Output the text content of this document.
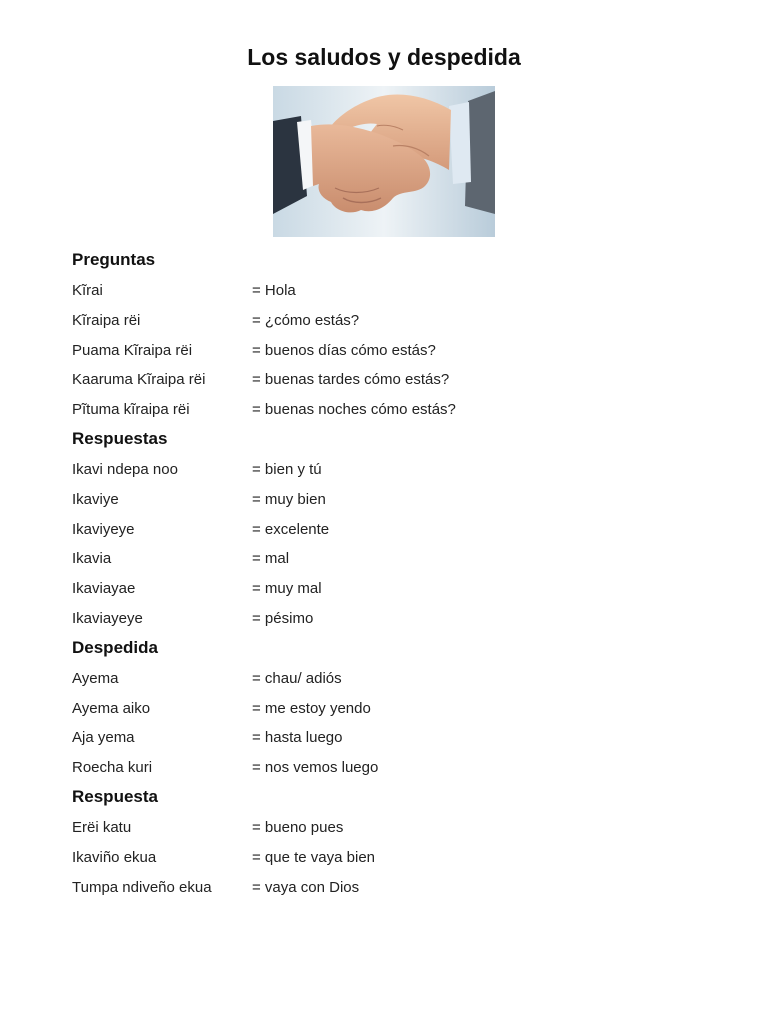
Los saludos y despedida
Preguntas
Kĩrai	= Hola
Kĩraipa rëi	= ¿cómo estás?
Puama Kĩraipa rëi	= buenos días cómo estás?
Kaaruma Kĩraipa rëi	= buenas tardes cómo estás?
Pĩtuma kĩraipa rëi	= buenas noches cómo estás?
Respuestas
Ikavi ndepa noo	= bien y tú
Ikaviye	= muy bien
Ikaviyeye	= excelente
Ikavia	= mal
Ikaviayae	= muy mal
Ikaviayeye	= pésimo
Despedida
Ayema	= chau/ adiós
Ayema aiko	= me estoy yendo
Aja yema	= hasta luego
Roecha kuri	= nos vemos luego
Respuesta
Erëi katu	= bueno pues
Ikaviño ekua	= que te vaya bien
Tumpa ndiveño ekua	= vaya con Dios
